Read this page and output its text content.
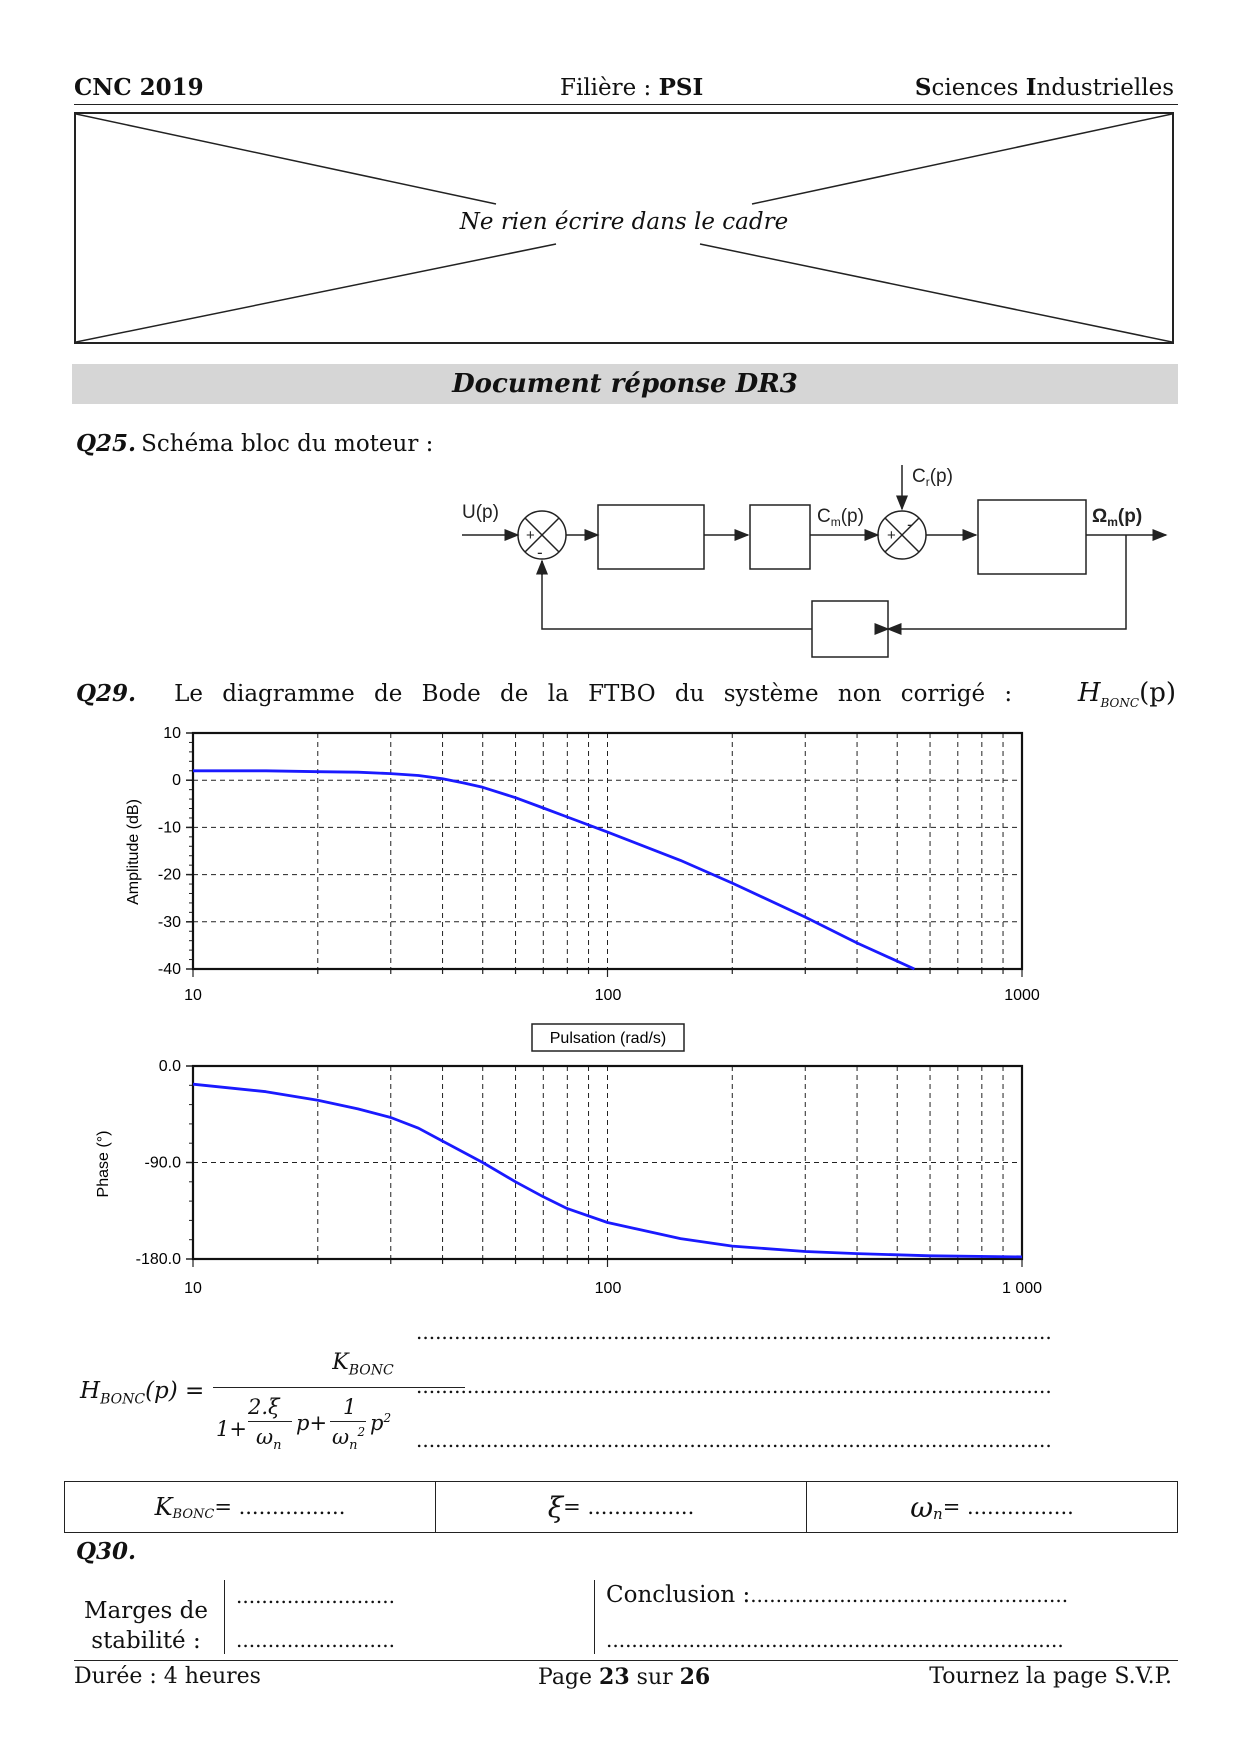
CNC 2019	Filière : PSI	Sciences Industrielles
Ne rien écrire dans le cadre
Document réponse DR3
Q25. Schéma bloc du moteur :
U(p)
+
-
$C_m(p)$
+
-
$C_r(p)$
$\Omega_m(p)$
Q29. Le diagramme de Bode de la FTBO du système non corrigé :	$H_{BONC}(p)$
10
0
-10
-20
-30
-40
0.0
-90.0
-180.0
10	100	1000
Pulsation (rad/s)
Amplitude (dB)
Phase (°)
10	100	1 000
$H_{BONC}(p)$ =
$K_{BONC}$
1+
2.ξ
$\omega_n$
p+
1
$\omega_n^2$ $p^2$
....................................................................................................
....................................................................................................
....................................................................................................
$K_{BONC}$ = ................	ξ = ................	$\omega_n$ = ................
Q30.
Marges de
stabilité :
.........................
.........................
Conclusion :..................................................
........................................................................
Durée : 4 heures	Page 23 sur 26	Tournez la page S.V.P.
